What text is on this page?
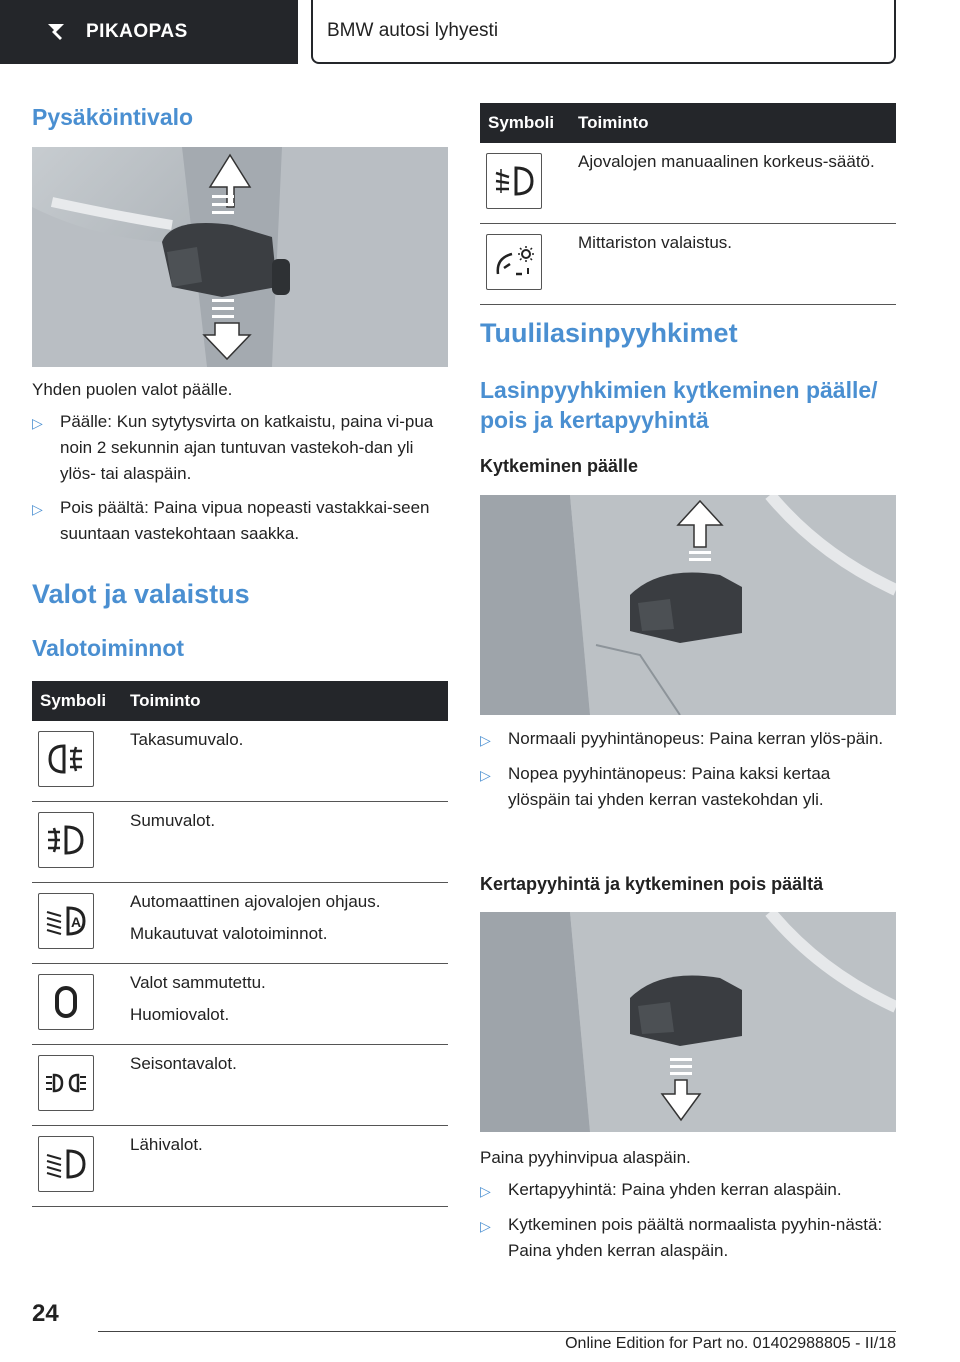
PIKAOPAS	BMW autosi lyhyesti
Pysäköintivalo

Yhden puolen valot päälle.

▷	Päälle: Kun sytytysvirta on katkaistu, paina vi-pua noin 2 sekunnin ajan tuntuvan vastekoh-dan yli ylös- tai alaspäin.
▷	Pois päältä: Paina vipua nopeasti vastakkai-seen suuntaan vastekohtaan saakka.
Valot ja valaistus
Valotoiminnot
Symboli	Toiminto

Takasumuvalo.

Sumuvalot.

A	Automaattinen ajovalojen ohjaus.
Mukautuvat valotoiminnot.

Valot sammutettu.
Huomiovalot.

Seisontavalot.

Lähivalot.
Symboli	Toiminto

Ajovalojen manuaalinen korkeus-säätö.

Mittariston valaistus.
Tuulilasinpyyhkimet
Lasinpyyhkimien kytkeminen päälle/ pois ja kertapyyhintä
Kytkeminen päälle
▷	Normaali pyyhintänopeus: Paina kerran ylös-päin.
▷	Nopea pyyhintänopeus: Paina kaksi kertaa ylöspäin tai yhden kerran vastekohdan yli.
Kertapyyhintä ja kytkeminen pois päältä

Paina pyyhinvipua alaspäin.

▷	Kertapyyhintä: Paina yhden kerran alaspäin.
▷	Kytkeminen pois päältä normaalista pyyhin-nästä: Paina yhden kerran alaspäin.
24
Online Edition for Part no. 01402988805 - II/18
